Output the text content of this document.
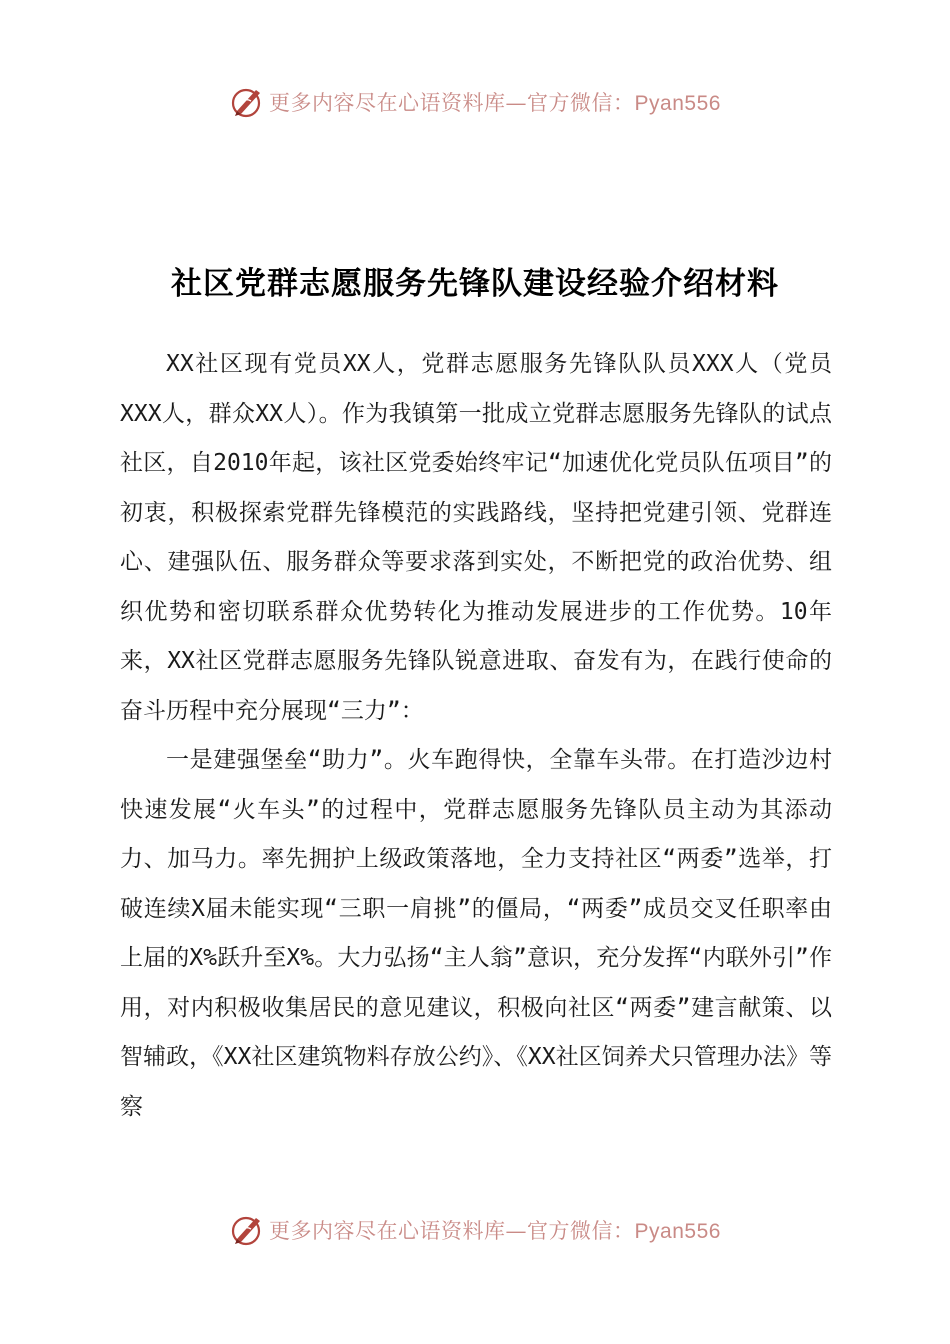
更多内容尽在心语资料库—官方微信：Pyan556
社区党群志愿服务先锋队建设经验介绍材料

XX社区现有党员XX人，党群志愿服务先锋队队员XXX人（党员XXX人，群众XX人）。作为我镇第一批成立党群志愿服务先锋队的试点社区，自2010年起，该社区党委始终牢记“加速优化党员队伍项目”的初衷，积极探索党群先锋模范的实践路线，坚持把党建引领、党群连心、建强队伍、服务群众等要求落到实处，不断把党的政治优势、组织优势和密切联系群众优势转化为推动发展进步的工作优势。10年来，XX社区党群志愿服务先锋队锐意进取、奋发有为，在践行使命的奋斗历程中充分展现“三力”：

一是建强堡垒“助力”。火车跑得快，全靠车头带。在打造沙边村快速发展“火车头”的过程中，党群志愿服务先锋队员主动为其添动力、加马力。率先拥护上级政策落地，全力支持社区“两委”选举，打破连续X届未能实现“三职一肩挑”的僵局，“两委”成员交叉任职率由上届的X%跃升至X%。大力弘扬“主人翁”意识，充分发挥“内联外引”作用，对内积极收集居民的意见建议，积极向社区“两委”建言献策、以智辅政，《XX社区建筑物料存放公约》、《XX社区饲养犬只管理办法》等察

更多内容尽在心语资料库—官方微信：Pyan556
